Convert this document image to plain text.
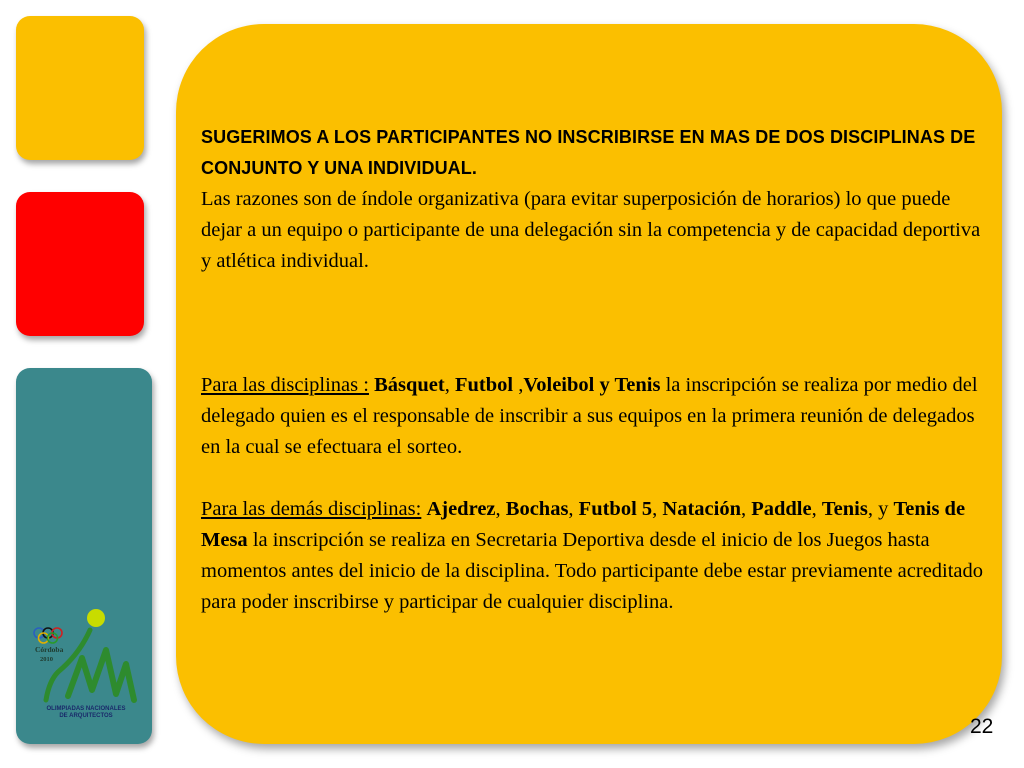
SUGERIMOS A LOS PARTICIPANTES NO INSCRIBIRSE EN MAS DE DOS DISCIPLINAS DE CONJUNTO Y UNA INDIVIDUAL.
Las razones son de índole organizativa (para evitar superposición de horarios) lo que puede dejar a un equipo o participante de una delegación sin la competencia y de capacidad deportiva y atlética individual.
Para las disciplinas : Básquet, Futbol ,Voleibol y Tenis la inscripción se realiza por medio del delegado quien es el responsable de inscribir a sus equipos en la primera reunión de delegados en la cual se efectuara el sorteo.
Para las demás disciplinas: Ajedrez, Bochas, Futbol 5, Natación, Paddle, Tenis, y Tenis de Mesa la inscripción se realiza en Secretaria Deportiva desde el inicio de los Juegos hasta momentos antes del inicio de la disciplina. Todo participante debe estar previamente acreditado para poder inscribirse y participar de cualquier disciplina.
Córdoba
2010
OLIMPIADAS NACIONALES
DE ARQUITECTOS	22
